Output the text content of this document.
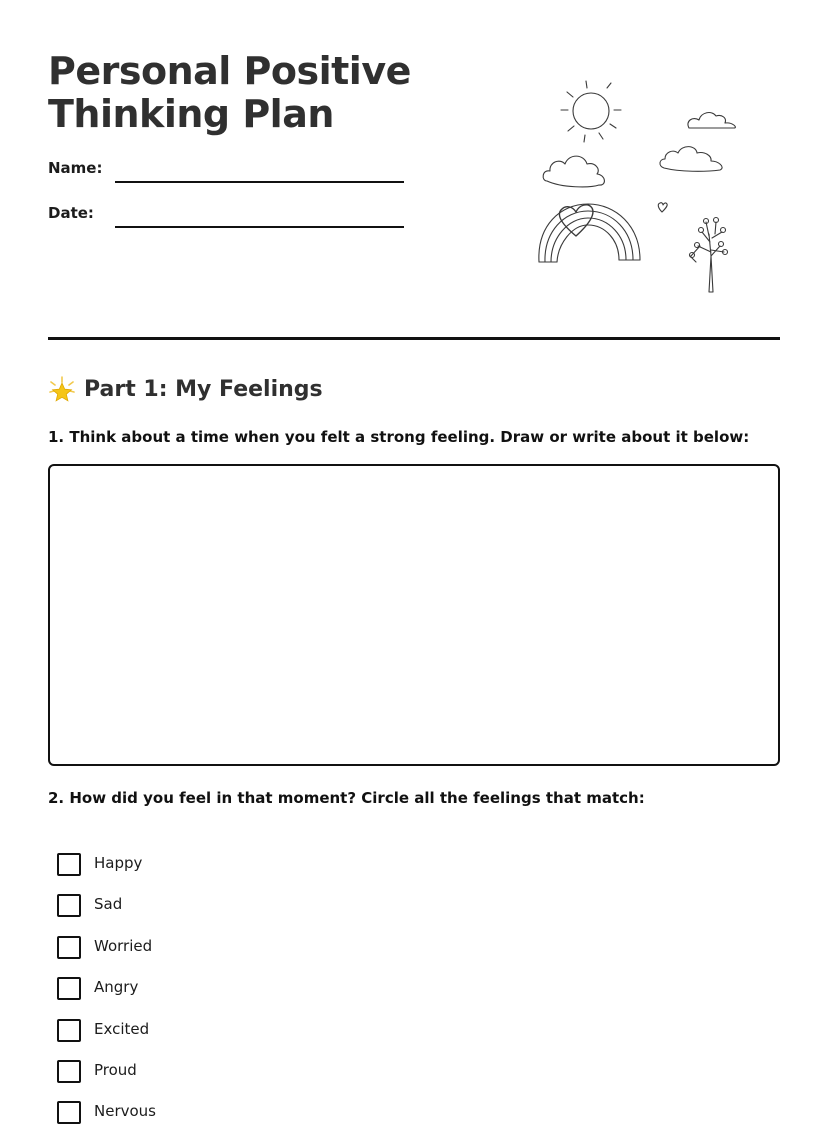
Personal Positive
Thinking Plan
Name:
Date:
Part 1: My Feelings
1. Think about a time when you felt a strong feeling. Draw or write about it below:
2. How did you feel in that moment? Circle all the feelings that match:
Happy
Sad
Worried
Angry
Excited
Proud
Nervous
